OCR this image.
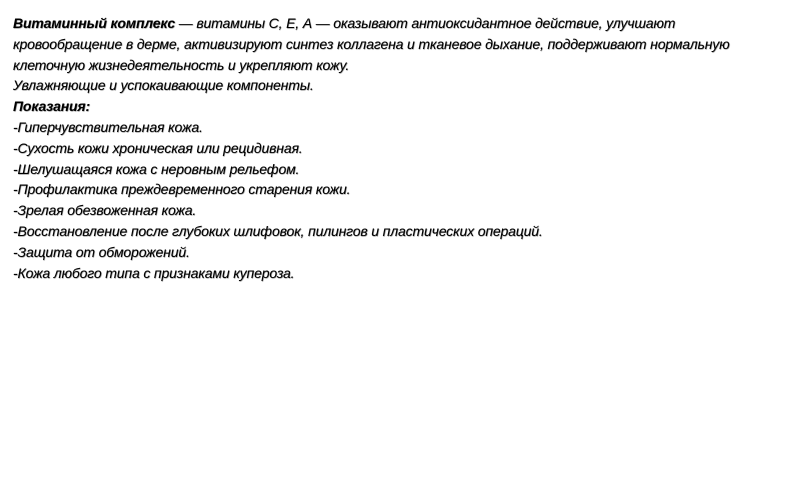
Витаминный комплекс — витамины С, Е, А — оказывают антиоксидантное действие, улучшают кровообращение в дерме, активизируют синтез коллагена и тканевое дыхание, поддерживают нормальную клеточную жизнедеятельность и укрепляют кожу.

Увлажняющие и успокаивающие компоненты.

Показания:

-Гиперчувствительная кожа.
-Сухость кожи хроническая или рецидивная.
-Шелушащаяся кожа с неровным рельефом.
-Профилактика преждевременного старения кожи.
-Зрелая обезвоженная кожа.
-Восстановление после глубоких шлифовок, пилингов и пластических операций.
-Защита от обморожений.
-Кожа любого типа с признаками купероза.
